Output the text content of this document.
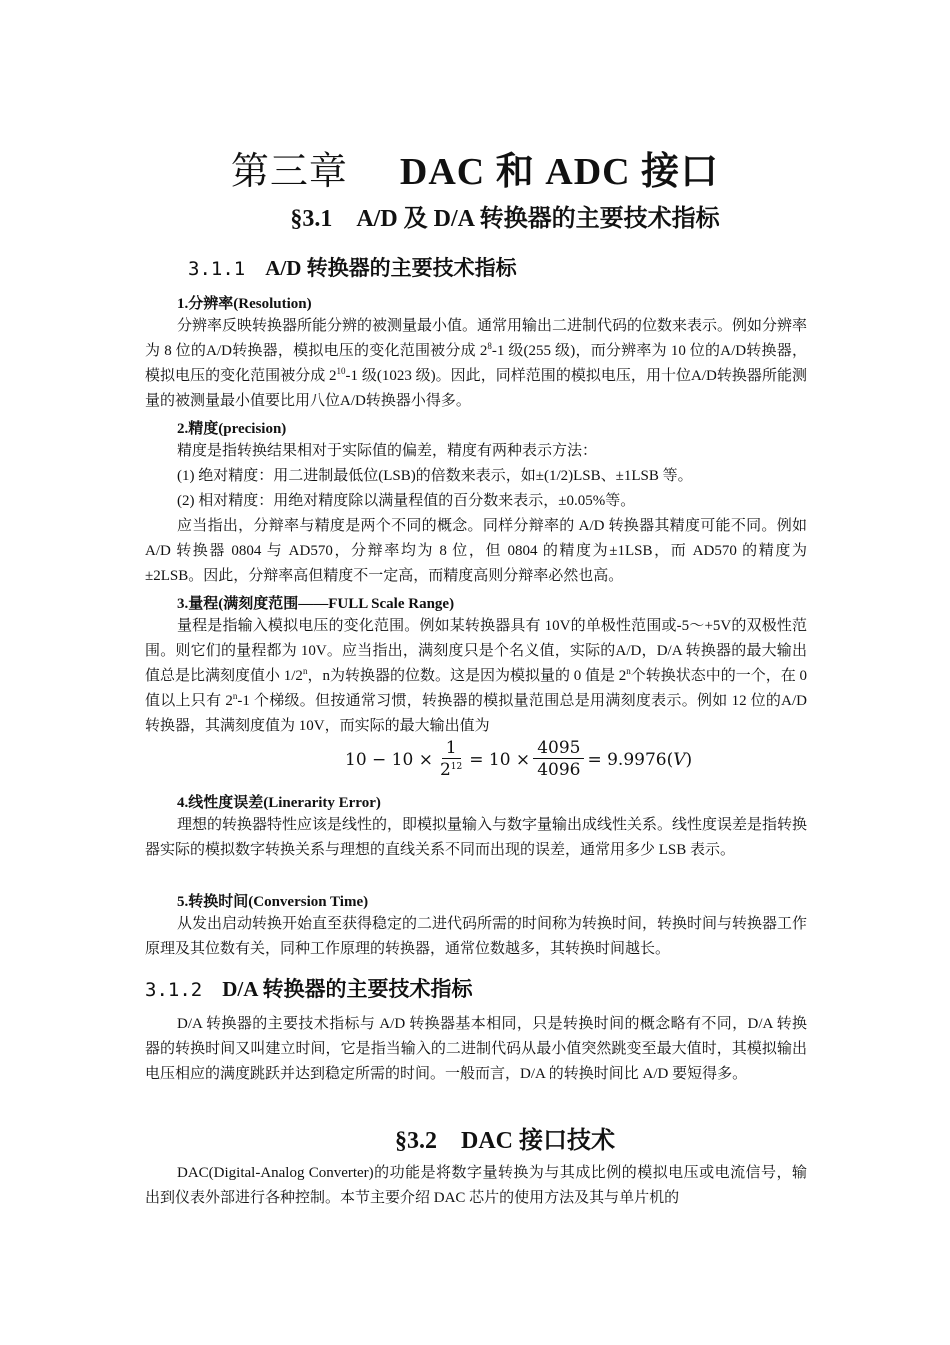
第三章 DAC 和 ADC 接口
§3.1　A/D 及 D/A 转换器的主要技术指标
3.1.1 A/D 转换器的主要技术指标
1.分辨率(Resolution)

分辨率反映转换器所能分辨的被测量最小值。通常用输出二进制代码的位数来表示。例如分辨率为 8 位的A/D转换器，模拟电压的变化范围被分成 $2^8-1$ 级(255 级)，而分辨率为 10 位的A/D转换器，模拟电压的变化范围被分成 $2^{10}-1$ 级(1023 级)。因此，同样范围的模拟电压，用十位A/D转换器所能测量的被测量最小值要比用八位A/D转换器小得多。

2.精度(precision)

精度是指转换结果相对于实际值的偏差，精度有两种表示方法：

(1) 绝对精度：用二进制最低位(LSB)的倍数来表示，如±(1/2)LSB、±1LSB 等。

(2) 相对精度：用绝对精度除以满量程值的百分数来表示，±0.05%等。

应当指出，分辩率与精度是两个不同的概念。同样分辩率的 A/D 转换器其精度可能不同。例如 A/D 转换器 0804 与 AD570，分辩率均为 8 位，但 0804 的精度为±1LSB，而 AD570 的精度为±2LSB。因此，分辩率高但精度不一定高，而精度高则分辩率必然也高。

3.量程(满刻度范围——FULL Scale Range)

量程是指输入模拟电压的变化范围。例如某转换器具有 10V的单极性范围或-5～+5V的双极性范围。则它们的量程都为 10V。应当指出，满刻度只是个名义值，实际的A/D，D/A 转换器的最大输出值总是比满刻度值小 1/2$^n$，n为转换器的位数。这是因为模拟量的 0 值是 2$^n$个转换状态中的一个，在 0 值以上只有 2$^n$-1 个梯级。但按通常习惯，转换器的模拟量范围总是用满刻度表示。例如 12 位的A/D转换器，其满刻度值为 10V，而实际的最大输出值为

$10 - 10 \times \frac{1}{2^{12}} = 10 \times \frac{4095}{4096} = 9.9976$( V )
4.线性度误差(Linerarity Error)

理想的转换器特性应该是线性的，即模拟量输入与数字量输出成线性关系。线性度误差是指转换器实际的模拟数字转换关系与理想的直线关系不同而出现的误差，通常用多少 LSB 表示。

5.转换时间(Conversion Time)

从发出启动转换开始直至获得稳定的二进代码所需的时间称为转换时间，转换时间与转换器工作原理及其位数有关，同种工作原理的转换器，通常位数越多，其转换时间越长。

3.1.2 D/A 转换器的主要技术指标

D/A 转换器的主要技术指标与 A/D 转换器基本相同，只是转换时间的概念略有不同，D/A 转换器的转换时间又叫建立时间，它是指当输入的二进制代码从最小值突然跳变至最大值时，其模拟输出电压相应的满度跳跃并达到稳定所需的时间。一般而言，D/A 的转换时间比 A/D 要短得多。

§3.2　DAC 接口技术

DAC(Digital-Analog Converter)的功能是将数字量转换为与其成比例的模拟电压或电流信号，输出到仪表外部进行各种控制。本节主要介绍 DAC 芯片的使用方法及其与单片机的
